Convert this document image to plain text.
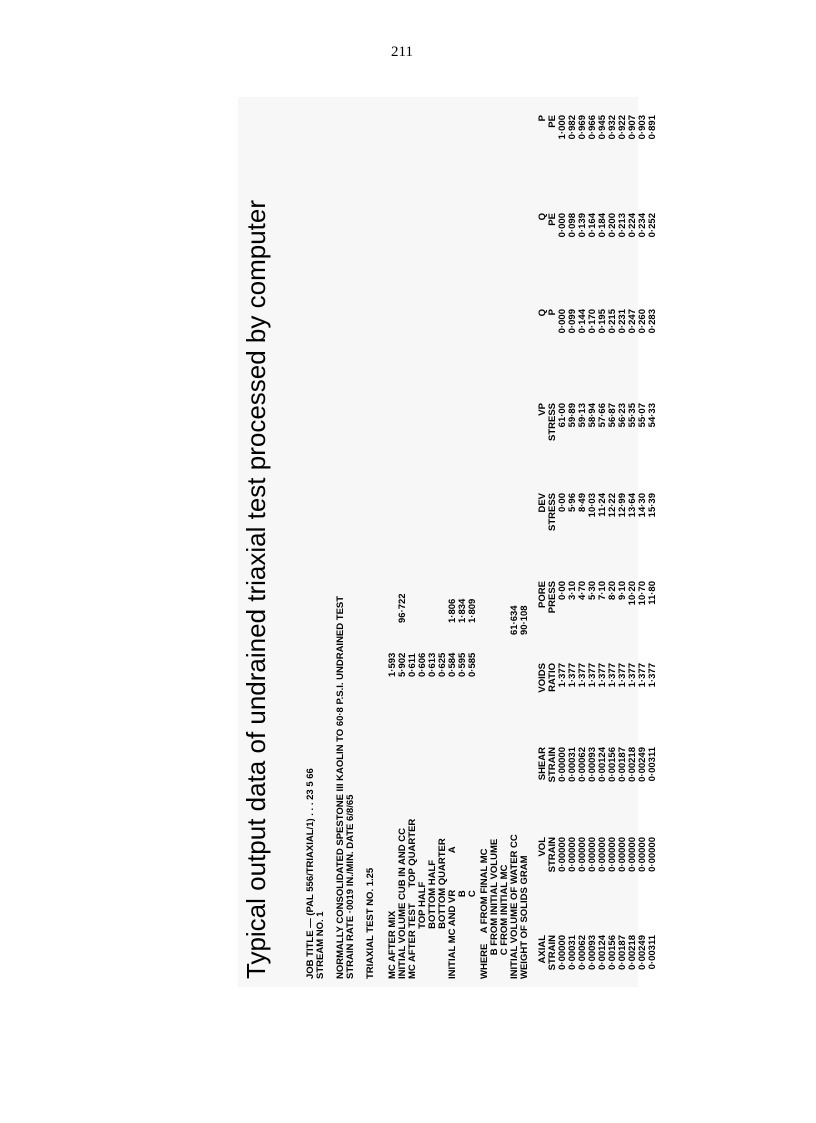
211
Typical output data of undrained triaxial test processed by computer	JOB TITLE — (PAL 556/TRIAXIAL/1) . . . 23 5 66 STREAM NO. 1 NORMALLY CONSOLIDATED SPESTONE III KAOLIN TO 60·8 P.S.I. UNDRAINED TEST STRAIN RATE ·0019 IN./MIN. DATE 6/8/65 TRIAXIAL TEST NO. 1.25 MC AFTER MIX INITIAL VOLUME CUB IN AND CC MC AFTER TEST      TOP QUARTER TOP HALF BOTTOM HALF BOTTOM QUARTER INITIAL MC AND VR              A B C
1·593 5·902 0·611 0·606 0·613 0·625 0·584 0·595 0·585
96·722	1·806 1·834 1·809
WHERE    A FROM FINAL MC B FROM INITIAL VOLUME C FROM INITIAL MC INITIAL VOLUME OF WATER CC WEIGHT OF SOLIDS GRAM
61·634 90·108
AXIAL STRAIN 0·00000 0·00031 0·00062 0·00093 0·00124 0·00156 0·00187 0·00218 0·00249 0·00311
VOL STRAIN 0·00000 0·00000 0·00000 0·00000 0·00000 0·00000 0·00000 0·00000 0·00000 0·00000
SHEAR STRAIN 0·00000 0·00031 0·00062 0·00093 0·00124 0·00156 0·00187 0·00218 0·00249 0·00311
VOIDS RATIO 1·377 1·377 1·377 1·377 1·377 1·377 1·377 1·377 1·377 1·377
PORE PRESS 0·00 3·10 4·70 5·30 7·10 8·20 9·10 10·20 10·70 11·80
DEV STRESS 0·00 5·96 8·49 10·03 11·24 12·22 12·99 13·64 14·30 15·39
VP STRESS 61·00 59·89 59·13 58·94 57·66 56·87 56·23 55·35 55·07 54·33
Q P 0·000 0·099 0·144 0·170 0·195 0·215 0·231 0·247 0·260 0·283
Q PE 0·000 0·098 0·139 0·164 0·184 0·200 0·213 0·224 0·234 0·252
P PE 1·000 0·982 0·969 0·966 0·945 0·932 0·922 0·907 0·903 0·891
